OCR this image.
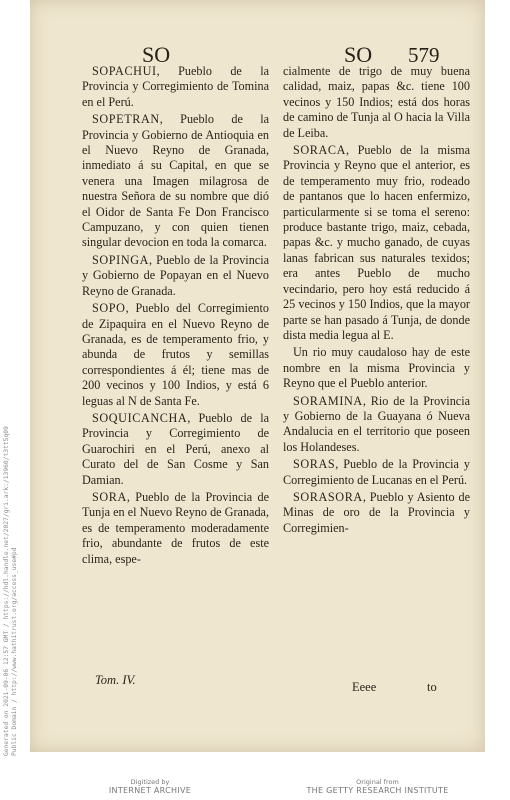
Generated on 2021-09-06 12:57 GMT / https://hdl.handle.net/2027/gri.ark:/13960/t3tt5q09 Public Domain / http://www.hathitrust.org/access_use#pd
SO	SO 579

SOPACHUI, Pueblo de la Provincia y Corregimiento de Tomina en el Perú.

SOPETRAN, Pueblo de la Provincia y Gobierno de Antioquia en el Nuevo Reyno de Granada, inmediato á su Capital, en que se venera una Imagen milagrosa de nuestra Señora de su nombre que dió el Oidor de Santa Fe Don Francisco Campuzano, y con quien tienen singular devocion en toda la comarca.

SOPINGA, Pueblo de la Provincia y Gobierno de Popayan en el Nuevo Reyno de Granada.

SOPO, Pueblo del Corregimiento de Zipaquira en el Nuevo Reyno de Granada, es de temperamento frio, y abunda de frutos y semillas correspondientes á él; tiene mas de 200 vecinos y 100 Indios, y está 6 leguas al N de Santa Fe.

SOQUICANCHA, Pueblo de la Provincia y Corregimiento de Guarochiri en el Perú, anexo al Curato del de San Cosme y San Damian.

SORA, Pueblo de la Provincia de Tunja en el Nuevo Reyno de Granada, es de temperamento moderadamente frio, abundante de frutos de este clima, espe-

cialmente de trigo de muy buena calidad, maiz, papas &c. tiene 100 vecinos y 150 Indios; está dos horas de camino de Tunja al O hacia la Villa de Leiba.

SORACA, Pueblo de la misma Provincia y Reyno que el anterior, es de temperamento muy frio, rodeado de pantanos que lo hacen enfermizo, particularmente si se toma el sereno: produce bastante trigo, maiz, cebada, papas &c. y mucho ganado, de cuyas lanas fabrican sus naturales texidos; era antes Pueblo de mucho vecindario, pero hoy está reducido á 25 vecinos y 150 Indios, que la mayor parte se han pasado á Tunja, de donde dista media legua al E.

Un rio muy caudaloso hay de este nombre en la misma Provincia y Reyno que el Pueblo anterior.

SORAMINA, Rio de la Provincia y Gobierno de la Guayana ó Nueva Andalucia en el territorio que poseen los Holandeses.

SORAS, Pueblo de la Provincia y Corregimiento de Lucanas en el Perú.

SORASORA, Pueblo y Asiento de Minas de oro de la Provincia y Corregimien-

Tom. IV.	Eeee	to
Digitized by
INTERNET ARCHIVE
Original from
THE GETTY RESEARCH INSTITUTE
